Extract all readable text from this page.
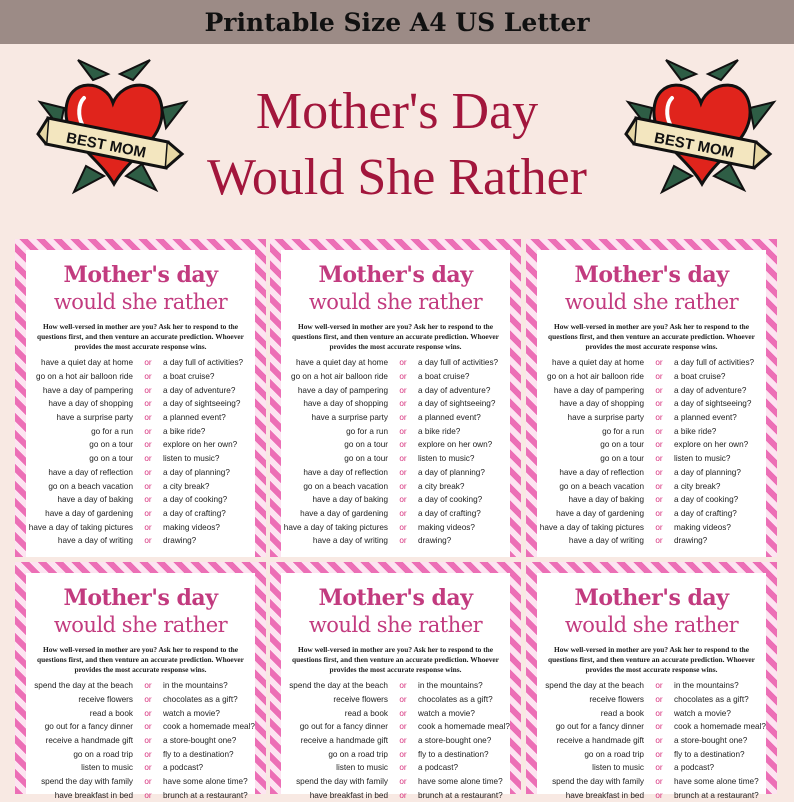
Printable Size A4 US Letter
BEST MOM	BEST MOM
Mother's Day
Would She Rather
Mother's day
would she rather
How well-versed in mother are you? Ask her to respond to the questions first, and then venture an accurate prediction. Whoever provides the most accurate response wins.
have a quiet day at home	or	a day full of activities?
go on a hot air balloon ride	or	a boat cruise?
have a day of pampering	or	a day of adventure?
have a day of shopping	or	a day of sightseeing?
have a surprise party	or	a planned event?
go for a run	or	a bike ride?
go on a tour	or	explore on her own?
go on a tour	or	listen to music?
have a day of reflection	or	a day of planning?
go on a beach vacation	or	a city break?
have a day of baking	or	a day of cooking?
have a day of gardening	or	a day of crafting?
have a day of taking pictures	or	making videos?
have a day of writing	or	drawing?
Mother's day
would she rather
How well-versed in mother are you? Ask her to respond to the questions first, and then venture an accurate prediction. Whoever provides the most accurate response wins.
have a quiet day at home	or	a day full of activities?
go on a hot air balloon ride	or	a boat cruise?
have a day of pampering	or	a day of adventure?
have a day of shopping	or	a day of sightseeing?
have a surprise party	or	a planned event?
go for a run	or	a bike ride?
go on a tour	or	explore on her own?
go on a tour	or	listen to music?
have a day of reflection	or	a day of planning?
go on a beach vacation	or	a city break?
have a day of baking	or	a day of cooking?
have a day of gardening	or	a day of crafting?
have a day of taking pictures	or	making videos?
have a day of writing	or	drawing?
Mother's day
would she rather
How well-versed in mother are you? Ask her to respond to the questions first, and then venture an accurate prediction. Whoever provides the most accurate response wins.
have a quiet day at home	or	a day full of activities?
go on a hot air balloon ride	or	a boat cruise?
have a day of pampering	or	a day of adventure?
have a day of shopping	or	a day of sightseeing?
have a surprise party	or	a planned event?
go for a run	or	a bike ride?
go on a tour	or	explore on her own?
go on a tour	or	listen to music?
have a day of reflection	or	a day of planning?
go on a beach vacation	or	a city break?
have a day of baking	or	a day of cooking?
have a day of gardening	or	a day of crafting?
have a day of taking pictures	or	making videos?
have a day of writing	or	drawing?
Mother's day
would she rather
How well-versed in mother are you? Ask her to respond to the questions first, and then venture an accurate prediction. Whoever provides the most accurate response wins.
spend the day at the beach	or	in the mountains?
receive flowers	or	chocolates as a gift?
read a book	or	watch a movie?
go out for a fancy dinner	or	cook a homemade meal?
receive a handmade gift	or	a store-bought one?
go on a road trip	or	fly to a destination?
listen to music	or	a podcast?
spend the day with family	or	have some alone time?
have breakfast in bed	or	brunch at a restaurant?
Mother's day
would she rather
How well-versed in mother are you? Ask her to respond to the questions first, and then venture an accurate prediction. Whoever provides the most accurate response wins.
spend the day at the beach	or	in the mountains?
receive flowers	or	chocolates as a gift?
read a book	or	watch a movie?
go out for a fancy dinner	or	cook a homemade meal?
receive a handmade gift	or	a store-bought one?
go on a road trip	or	fly to a destination?
listen to music	or	a podcast?
spend the day with family	or	have some alone time?
have breakfast in bed	or	brunch at a restaurant?
Mother's day
would she rather
How well-versed in mother are you? Ask her to respond to the questions first, and then venture an accurate prediction. Whoever provides the most accurate response wins.
spend the day at the beach	or	in the mountains?
receive flowers	or	chocolates as a gift?
read a book	or	watch a movie?
go out for a fancy dinner	or	cook a homemade meal?
receive a handmade gift	or	a store-bought one?
go on a road trip	or	fly to a destination?
listen to music	or	a podcast?
spend the day with family	or	have some alone time?
have breakfast in bed	or	brunch at a restaurant?
